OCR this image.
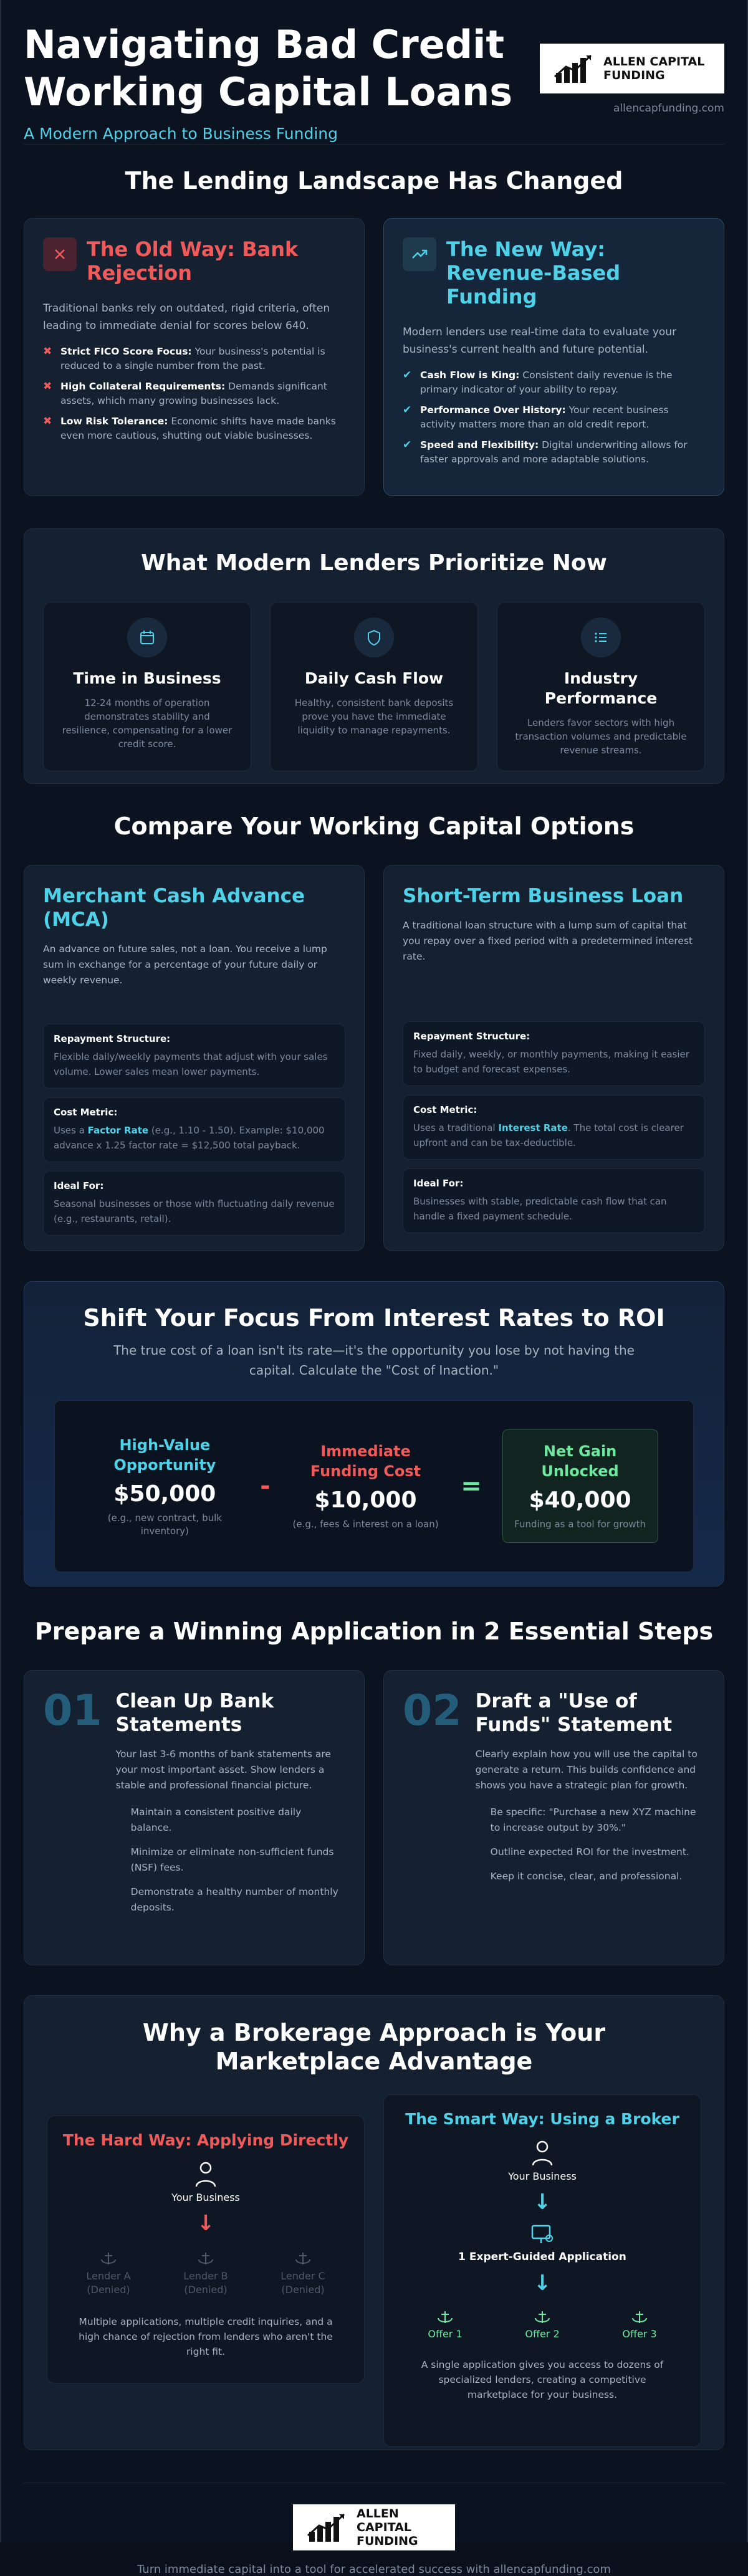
Navigating Bad Credit Working Capital Loans
A Modern Approach to Business Funding
ALLEN CAPITAL
FUNDING
allencapfunding.com
The Lending Landscape Has Changed
The Old Way: Bank Rejection

Traditional banks rely on outdated, rigid criteria, often leading to immediate denial for scores below 640.

✖ Strict FICO Score Focus: Your business's potential is reduced to a single number from the past.
✖ High Collateral Requirements: Demands significant assets, which many growing businesses lack.
✖ Low Risk Tolerance: Economic shifts have made banks even more cautious, shutting out viable businesses.
The New Way: Revenue-Based Funding

Modern lenders use real-time data to evaluate your business's current health and future potential.

✔ Cash Flow is King: Consistent daily revenue is the primary indicator of your ability to repay.
✔ Performance Over History: Your recent business activity matters more than an old credit report.
✔ Speed and Flexibility: Digital underwriting allows for faster approvals and more adaptable solutions.
What Modern Lenders Prioritize Now
Time in Business

12-24 months of operation demonstrates stability and resilience, compensating for a lower credit score.

Daily Cash Flow

Healthy, consistent bank deposits prove you have the immediate liquidity to manage repayments.

Industry Performance

Lenders favor sectors with high transaction volumes and predictable revenue streams.

Compare Your Working Capital Options
Merchant Cash Advance (MCA)

An advance on future sales, not a loan. You receive a lump sum in exchange for a percentage of your future daily or weekly revenue.

Repayment Structure:
Flexible daily/weekly payments that adjust with your sales volume. Lower sales mean lower payments.
Cost Metric:
Uses a Factor Rate (e.g., 1.10 - 1.50). Example: $10,000 advance x 1.25 factor rate = $12,500 total payback.
Ideal For:
Seasonal businesses or those with fluctuating daily revenue (e.g., restaurants, retail).
Short-Term Business Loan

A traditional loan structure with a lump sum of capital that you repay over a fixed period with a predetermined interest rate.

Repayment Structure:
Fixed daily, weekly, or monthly payments, making it easier to budget and forecast expenses.
Cost Metric:
Uses a traditional Interest Rate. The total cost is clearer upfront and can be tax-deductible.
Ideal For:
Businesses with stable, predictable cash flow that can handle a fixed payment schedule.
Shift Your Focus From Interest Rates to ROI

The true cost of a loan isn't its rate—it's the opportunity you lose by not having the capital. Calculate the "Cost of Inaction."

High-Value Opportunity
$50,000
(e.g., new contract, bulk inventory)
-
Immediate Funding Cost
$10,000
(e.g., fees & interest on a loan)
=
Net Gain Unlocked
$40,000
Funding as a tool for growth
Prepare a Winning Application in 2 Essential Steps
01 Clean Up Bank Statements

Your last 3-6 months of bank statements are your most important asset. Show lenders a stable and professional financial picture.

Maintain a consistent positive daily balance.
Minimize or eliminate non-sufficient funds (NSF) fees.
Demonstrate a healthy number of monthly deposits.
02 Draft a "Use of Funds" Statement

Clearly explain how you will use the capital to generate a return. This builds confidence and shows you have a strategic plan for growth.

Be specific: "Purchase a new XYZ machine to increase output by 30%."
Outline expected ROI for the investment.
Keep it concise, clear, and professional.
Why a Brokerage Approach is Your Marketplace Advantage
The Hard Way: Applying Directly
Your Business
↓
Lender A
(Denied)
Lender B
(Denied)
Lender C
(Denied)

Multiple applications, multiple credit inquiries, and a high chance of rejection from lenders who aren't the right fit.

The Smart Way: Using a Broker
Your Business
↓
1 Expert-Guided Application
↓
Offer 1	Offer 2	Offer 3

A single application gives you access to dozens of specialized lenders, creating a competitive marketplace for your business.

ALLEN CAPITAL
FUNDING

Turn immediate capital into a tool for accelerated success with allencapfunding.com
